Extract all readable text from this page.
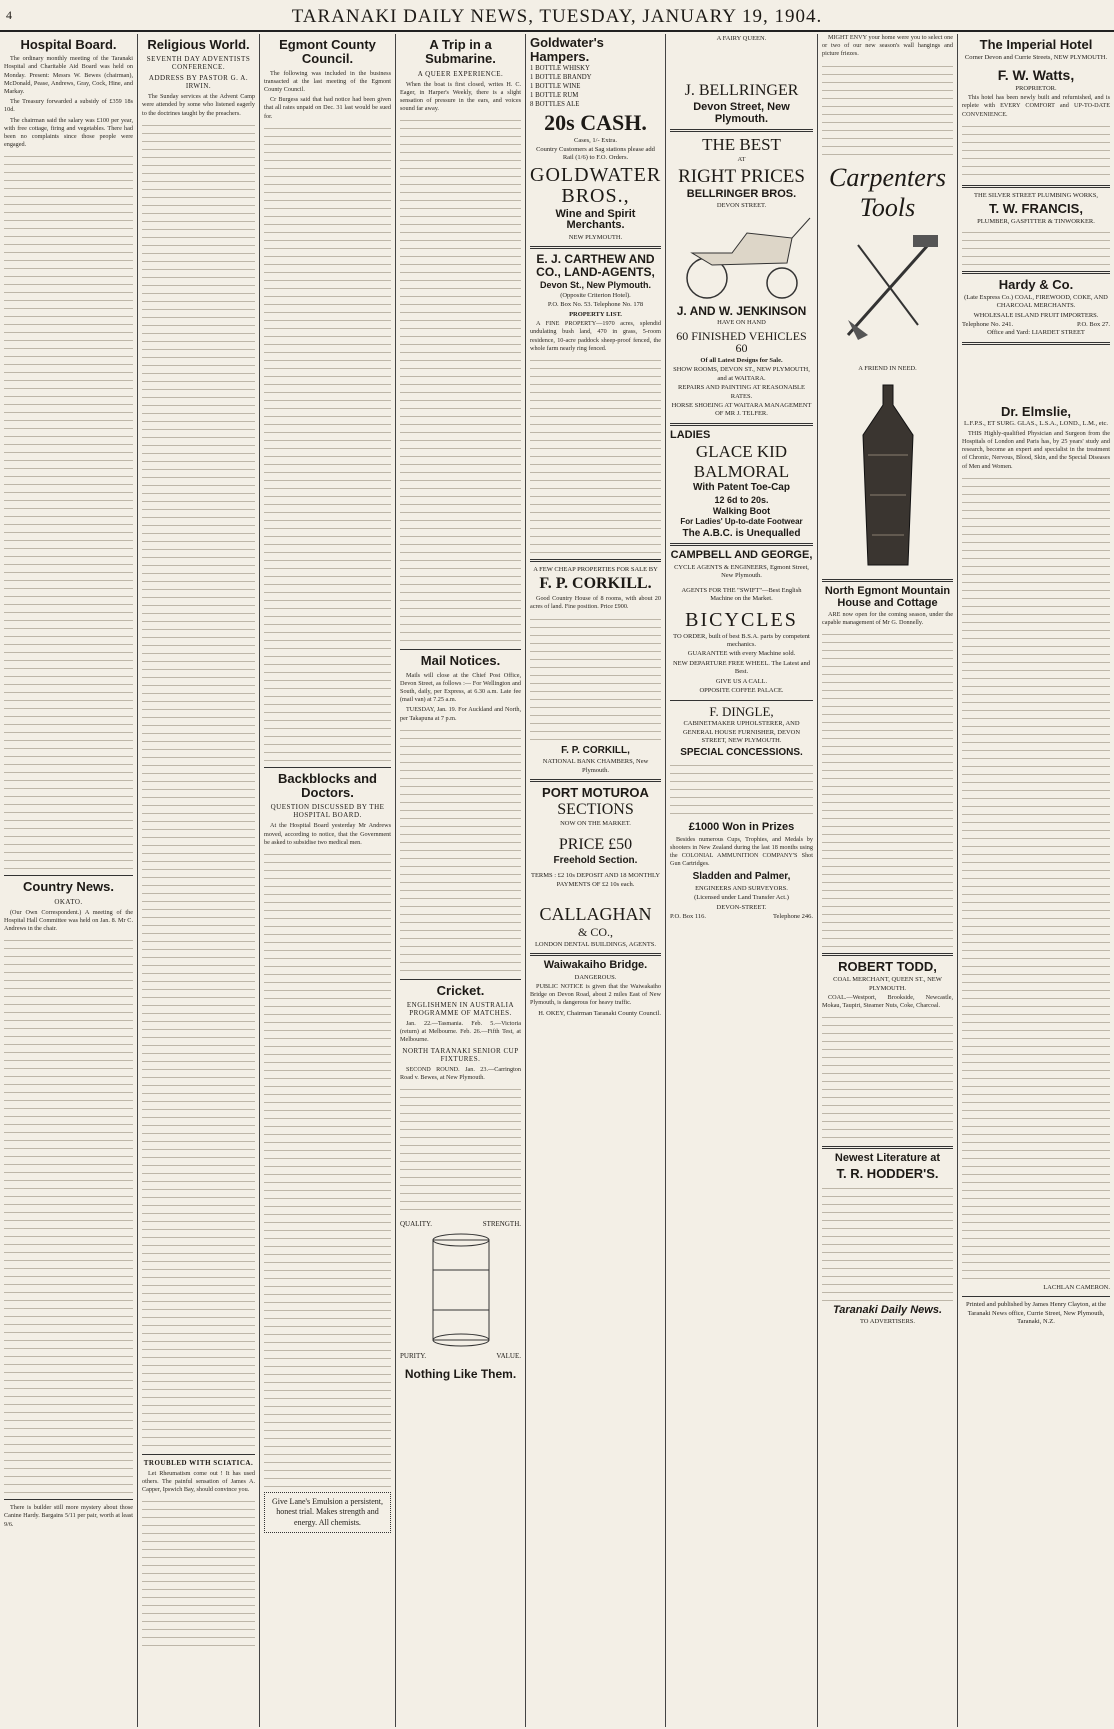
4	TARANAKI DAILY NEWS, TUESDAY, JANUARY 19, 1904.
Hospital Board.

The ordinary monthly meeting of the Taranaki Hospital and Charitable Aid Board was held on Monday. Present: Messrs W. Bewes (chairman), McDonald, Pease, Andrews, Gray, Cock, Hine, and Markay.

The Treasury forwarded a subsidy of £359 18s 10d.

The chairman said the salary was £100 per year, with free cottage, firing and vegetables. There had been no complaints since those people were engaged.

Country News.
OKATO.

(Our Own Correspondent.) A meeting of the Hospital Hall Committee was held on Jan. 8. Mr C. Andrews in the chair.

There is builder still more mystery about those Canine Hardy. Bargains 5/11 per pair, worth at least 9/6.

Religious World.
SEVENTH DAY ADVENTISTS CONFERENCE.
ADDRESS BY PASTOR G. A. IRWIN.

The Sunday services at the Advent Camp were attended by some who listened eagerly to the doctrines taught by the preachers.

TROUBLED WITH SCIATICA.

Let Rheumatism come out ! It has used others. The painful sensation of James A. Capper, Ipswich Bay, should convince you.

Egmont County Council.

The following was included in the business transacted at the last meeting of the Egmont County Council.

Cr Burgess said that had notice had been given that all rates unpaid on Dec. 31 last would be sued for.

Backblocks and Doctors.
QUESTION DISCUSSED BY THE HOSPITAL BOARD.

At the Hospital Board yesterday Mr Andrews moved, according to notice, that the Government be asked to subsidise two medical men.

Give Lane's Emulsion a persistent, honest trial. Makes strength and energy. All chemists.

A Trip in a Submarine.
A QUEER EXPERIENCE.

When the boat is first closed, writes H. C. Eager, in Harper's Weekly, there is a slight sensation of pressure in the ears, and voices sound far away.

Mail Notices.

Mails will close at the Chief Post Office, Devon Street, as follows :— For Wellington and South, daily, per Express, at 6.30 a.m. Late fee (mail van) at 7.25 a.m.

TUESDAY, Jan. 19. For Auckland and North, per Takapuna at 7 p.m.

Cricket.
ENGLISHMEN IN AUSTRALIA PROGRAMME OF MATCHES.

Jan. 22.—Tasmania. Feb. 5.—Victoria (return) at Melbourne. Feb. 26.—Fifth Test, at Melbourne.

NORTH TARANAKI SENIOR CUP FIXTURES.

SECOND ROUND. Jan. 23.—Carrington Road v. Bewes, at New Plymouth.

QUALITY.	STRENGTH.
PURITY.	VALUE.
Nothing Like Them.
Goldwater's Hampers.
1 BOTTLE WHISKY
1 BOTTLE BRANDY
1 BOTTLE WINE
1 BOTTLE RUM
8 BOTTLES ALE
20s CASH.
Cases, 1/- Extra.
Country Customers at Sag stations please add Rail (1/6) to F.O. Orders.
GOLDWATER BROS.,
Wine and Spirit Merchants.
NEW PLYMOUTH.
E. J. CARTHEW AND CO., LAND-AGENTS,
Devon St., New Plymouth.
(Opposite Criterion Hotel).
P.O. Box No. 53. Telephone No. 178
PROPERTY LIST.

A FINE PROPERTY—1970 acres, splendid undulating bush land, 470 in grass, 5-room residence, 10-acre paddock sheep-proof fenced, the whole farm nearly ring fenced.

A FEW CHEAP PROPERTIES FOR SALE BY
F. P. CORKILL.

Good Country House of 8 rooms, with about 20 acres of land. Fine position. Price £900.

F. P. CORKILL,
NATIONAL BANK CHAMBERS, New Plymouth.
PORT MOTUROA
SECTIONS
NOW ON THE MARKET.
PRICE £50
Freehold Section.
TERMS : £2 10s DEPOSIT AND 18 MONTHLY PAYMENTS OF £2 10s each.
CALLAGHAN
& CO.,
LONDON DENTAL BUILDINGS, AGENTS.
Waiwakaiho Bridge.
DANGEROUS.

PUBLIC NOTICE is given that the Waiwakaiho Bridge on Devon Road, about 2 miles East of New Plymouth, is dangerous for heavy traffic.

H. OKEY, Chairman Taranaki County Council.
A FAIRY QUEEN.
J. BELLRINGER
Devon Street, New Plymouth.
THE BEST
AT
RIGHT PRICES
BELLRINGER BROS.
DEVON STREET.
J. AND W. JENKINSON
HAVE ON HAND
60 FINISHED VEHICLES 60
Of all Latest Designs for Sale.
SHOW ROOMS, DEVON ST., NEW PLYMOUTH, and at WAITARA.
REPAIRS AND PAINTING AT REASONABLE RATES.
HORSE SHOEING AT WAITARA MANAGEMENT OF MR J. TELFER.
LADIES
GLACE KID
BALMORAL
With Patent Toe-Cap
12 6d to 20s.
Walking Boot
For Ladies' Up-to-date Footwear
The A.B.C. is Unequalled
CAMPBELL AND GEORGE,
CYCLE AGENTS & ENGINEERS, Egmont Street, New Plymouth.
AGENTS FOR THE "SWIFT"—Best English Machine on the Market.
BICYCLES
TO ORDER, built of best B.S.A. parts by competent mechanics.
GUARANTEE with every Machine sold.
NEW DEPARTURE FREE WHEEL. The Latest and Best.
GIVE US A CALL.
OPPOSITE COFFEE PALACE.
F. DINGLE,
CABINETMAKER UPHOLSTERER, AND GENERAL HOUSE FURNISHER, DEVON STREET, NEW PLYMOUTH.
SPECIAL CONCESSIONS.
£1000 Won in Prizes

Besides numerous Cups, Trophies, and Medals by shooters in New Zealand during the last 18 months using the COLONIAL AMMUNITION COMPANY'S Shot Gun Cartridges.

Sladden and Palmer,
ENGINEERS AND SURVEYORS.
(Licensed under Land Transfer Act.)
DEVON-STREET.
P.O. Box 116.	Telephone 246.

MIGHT ENVY your home were you to select one or two of our new season's wall hangings and picture friezes.

Carpenters Tools
A FRIEND IN NEED.
North Egmont Mountain House and Cottage

ARE now open for the coming season, under the capable management of Mr G. Donnelly.

ROBERT TODD,
COAL MERCHANT, QUEEN ST., NEW PLYMOUTH.

COAL.—Westport, Brookside, Newcastle, Mokau, Taupiri, Steamer Nuts, Coke, Charcoal.

Newest Literature at
T. R. HODDER'S.
Taranaki Daily News.
TO ADVERTISERS.
The Imperial Hotel
Corner Devon and Currie Streets, NEW PLYMOUTH.
F. W. Watts,
PROPRIETOR.

This hotel has been newly built and refurnished, and is replete with EVERY COMFORT and UP-TO-DATE CONVENIENCE.

THE SILVER STREET PLUMBING WORKS,
T. W. FRANCIS,
PLUMBER, GASFITTER & TINWORKER.
Hardy & Co.
(Late Express Co.) COAL, FIREWOOD, COKE, AND CHARCOAL MERCHANTS.
WHOLESALE ISLAND FRUIT IMPORTERS.
Telephone No. 241.	P.O. Box 27.
Office and Yard: LIARDET STREET
Dr. Elmslie,
L.F.P.S., ET SURG. GLAS., L.S.A., LOND., L.M., etc.

THIS Highly-qualified Physician and Surgeon from the Hospitals of London and Paris has, by 25 years' study and research, become an expert and specialist in the treatment of Chronic, Nervous, Blood, Skin, and the Special Diseases of Men and Women.

LACHLAN CAMERON.
Printed and published by James Henry Clayton, at the Taranaki News office, Currie Street, New Plymouth, Taranaki, N.Z.
